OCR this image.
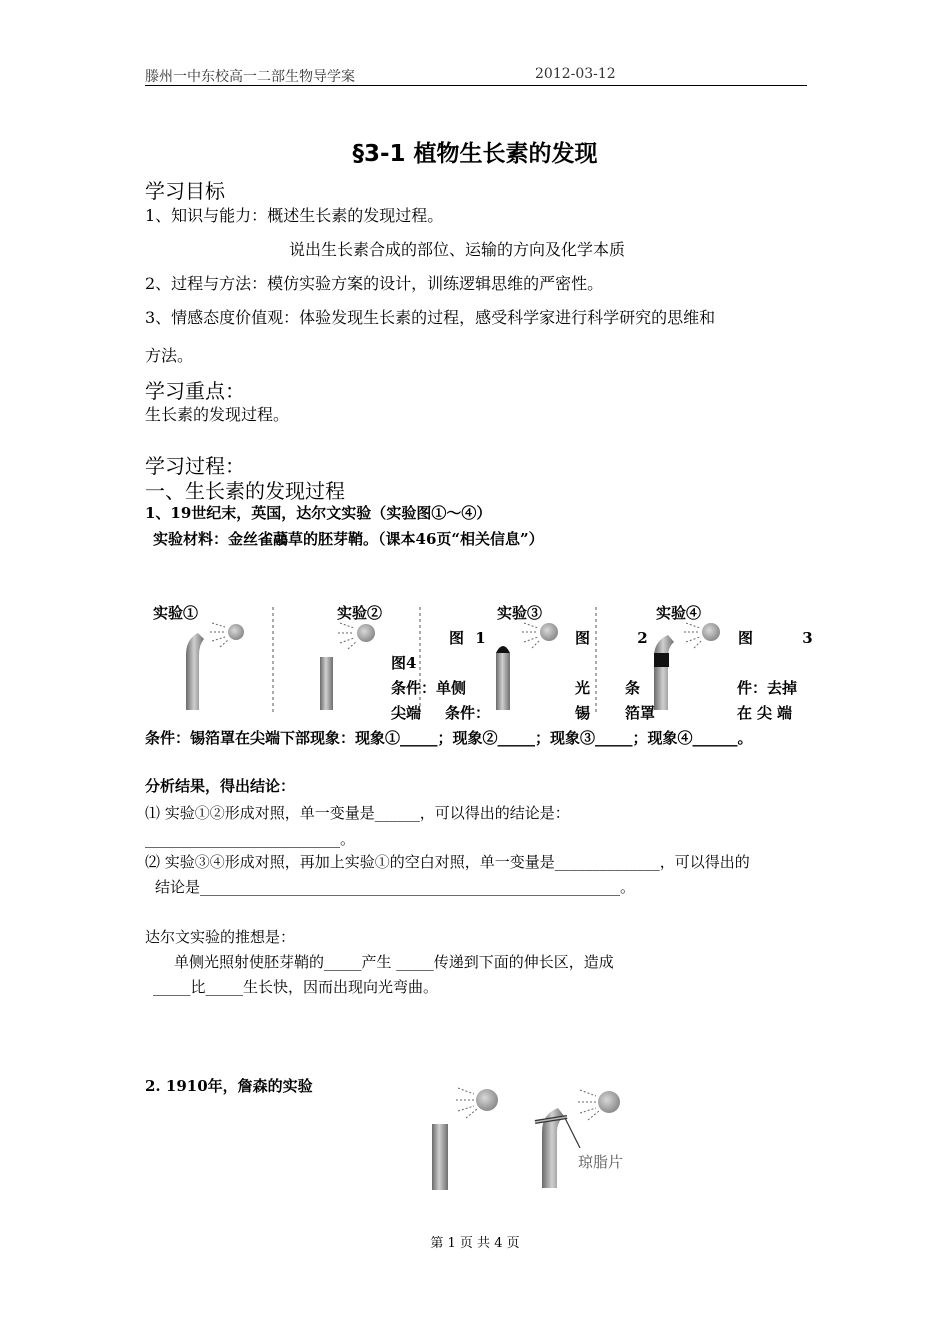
滕州一中东校高一二部生物导学案	2012-03-12
§3-1 植物生长素的发现
学习目标
1、知识与能力：概述生长素的发现过程。
说出生长素合成的部位、运输的方向及化学本质
2、过程与方法：模仿实验方案的设计，训练逻辑思维的严密性。
3、情感态度价值观：体验发现生长素的过程，感受科学家进行科学研究的思维和
方法。
学习重点：
生长素的发现过程。
学习过程：
一、生长素的发现过程
1、19世纪末，英国，达尔文实验（实验图①～④）
实验材料：金丝雀虉草的胚芽鞘。（课本46页“相关信息”）
实验①	实验②	实验③	实验④
图 1	图 2	图 3
图4
条件：单侧	光 条	件：去掉
尖端 条件：	锡 箔罩	在尖端
条件：锡箔罩在尖端下部现象：现象①_____；现象②_____；现象③_____；现象④______。
分析结果，得出结论：
⑴ 实验①②形成对照，单一变量是______，可以得出的结论是：
__________________________。
⑵ 实验③④形成对照，再加上实验①的空白对照，单一变量是______________，可以得出的
结论是________________________________________________________。
达尔文实验的推想是：
单侧光照射使胚芽鞘的_____产生 _____传递到下面的伸长区，造成
_____比_____生长快，因而出现向光弯曲。
2. 1910年，詹森的实验
琼脂片
第 1 页 共 4 页
